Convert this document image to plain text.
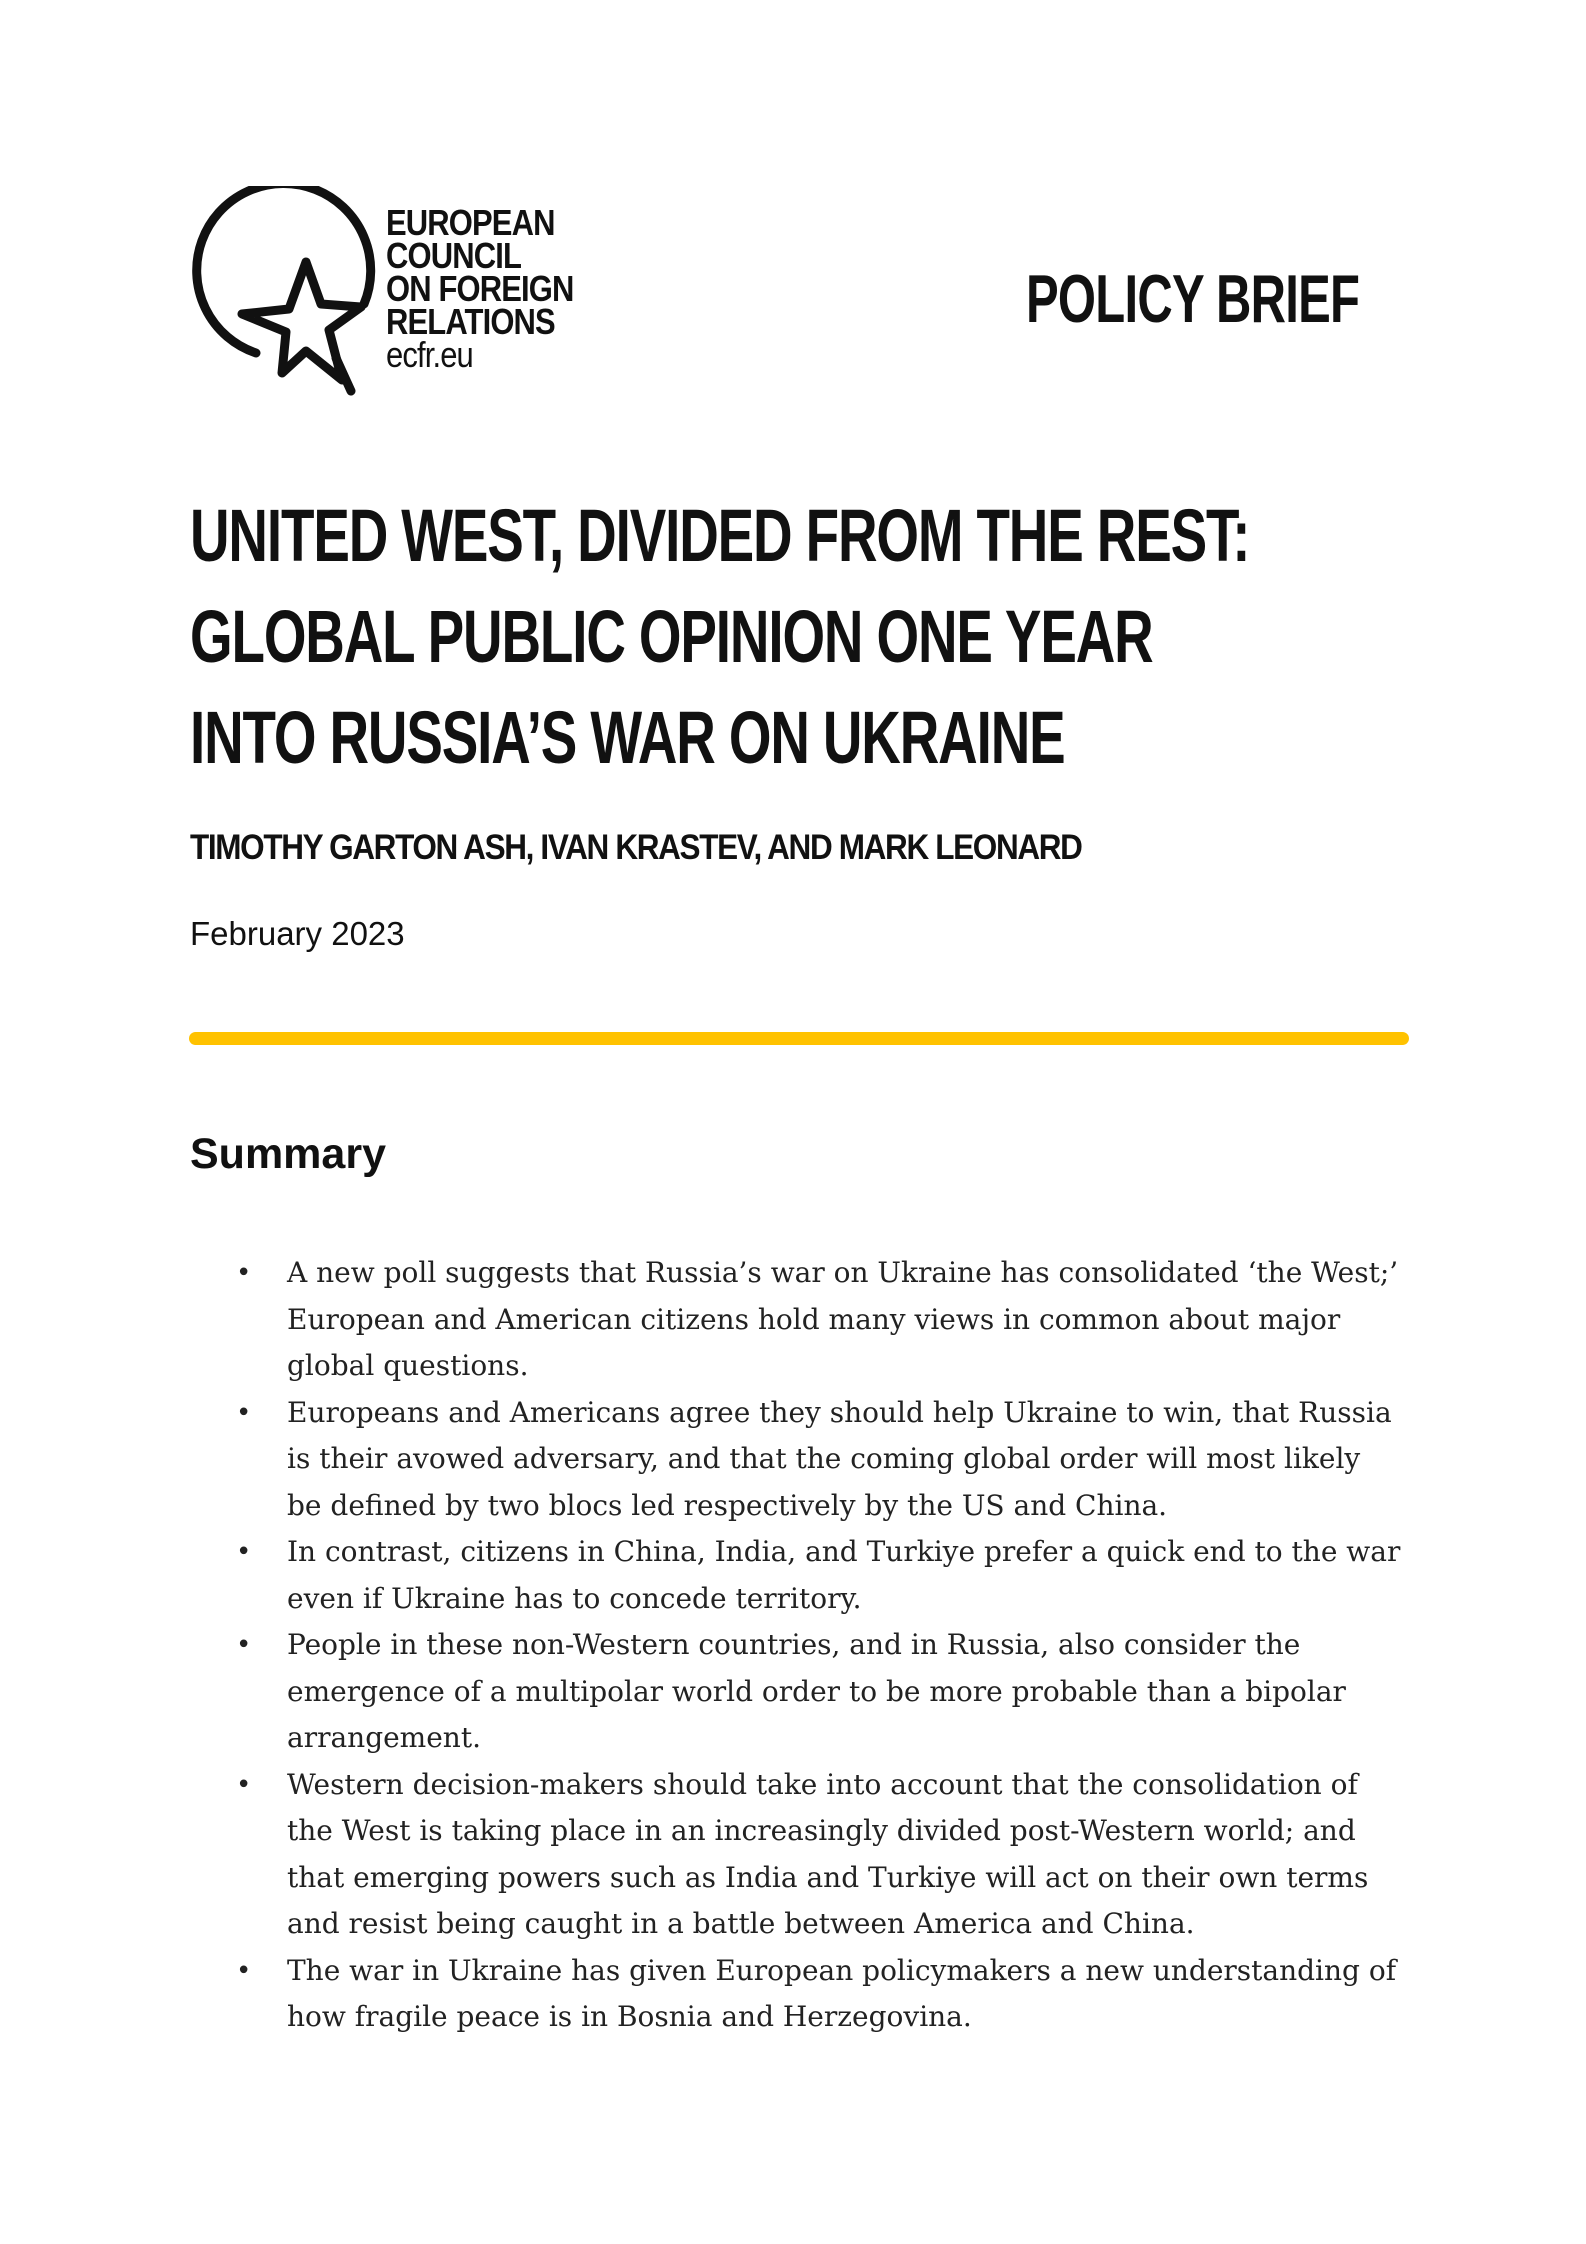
EUROPEAN
COUNCIL
ON FOREIGN
RELATIONS
ecfr.eu
POLICY BRIEF
UNITED WEST, DIVIDED FROM THE REST:
GLOBAL PUBLIC OPINION ONE YEAR
INTO RUSSIA’S WAR ON UKRAINE
TIMOTHY GARTON ASH, IVAN KRASTEV, AND MARK LEONARD
February 2023
Summary
• A new poll suggests that Russia’s war on Ukraine has consolidated ‘the West;’
European and American citizens hold many views in common about major
global questions.
• Europeans and Americans agree they should help Ukraine to win, that Russia
is their avowed adversary, and that the coming global order will most likely
be defined by two blocs led respectively by the US and China.
• In contrast, citizens in China, India, and Turkiye prefer a quick end to the war
even if Ukraine has to concede territory.
• People in these non-Western countries, and in Russia, also consider the
emergence of a multipolar world order to be more probable than a bipolar
arrangement.
• Western decision-makers should take into account that the consolidation of
the West is taking place in an increasingly divided post-Western world; and
that emerging powers such as India and Turkiye will act on their own terms
and resist being caught in a battle between America and China.
• The war in Ukraine has given European policymakers a new understanding of
how fragile peace is in Bosnia and Herzegovina.
